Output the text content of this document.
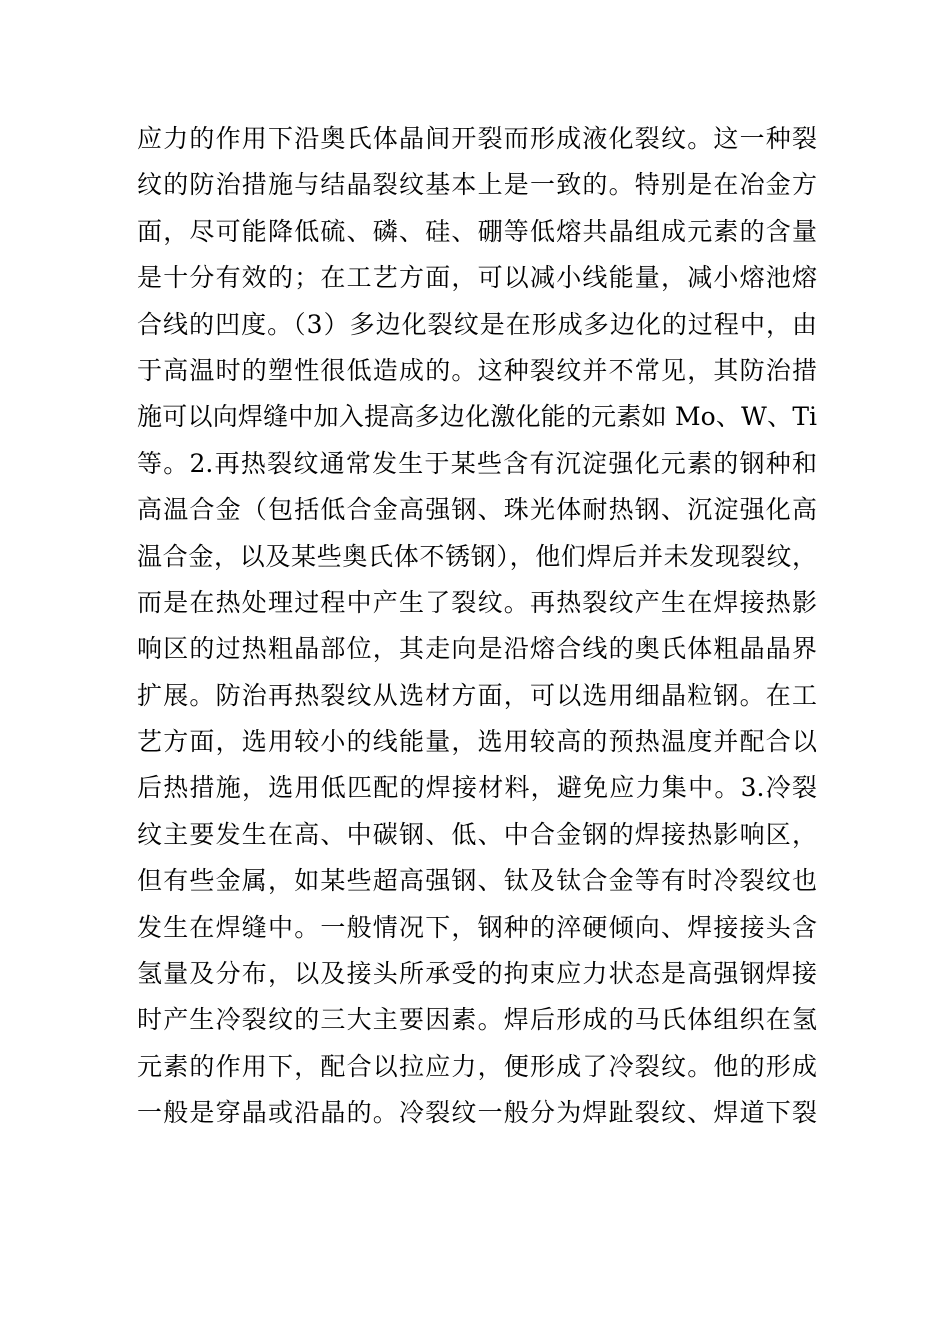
应力的作用下沿奥氏体晶间开裂而形成液化裂纹。这一种裂
纹的防治措施与结晶裂纹基本上是一致的。特别是在冶金方
面，尽可能降低硫、磷、硅、硼等低熔共晶组成元素的含量
是十分有效的；在工艺方面，可以减小线能量，减小熔池熔
合线的凹度。（3）多边化裂纹是在形成多边化的过程中，由
于高温时的塑性很低造成的。这种裂纹并不常见，其防治措
施可以向焊缝中加入提高多边化激化能的元素如 Mo、W、Ti
等。2.再热裂纹通常发生于某些含有沉淀强化元素的钢种和
高温合金（包括低合金高强钢、珠光体耐热钢、沉淀强化高
温合金，以及某些奥氏体不锈钢），他们焊后并未发现裂纹，
而是在热处理过程中产生了裂纹。再热裂纹产生在焊接热影
响区的过热粗晶部位，其走向是沿熔合线的奥氏体粗晶晶界
扩展。防治再热裂纹从选材方面，可以选用细晶粒钢。在工
艺方面，选用较小的线能量，选用较高的预热温度并配合以
后热措施，选用低匹配的焊接材料，避免应力集中。3.冷裂
纹主要发生在高、中碳钢、低、中合金钢的焊接热影响区，
但有些金属，如某些超高强钢、钛及钛合金等有时冷裂纹也
发生在焊缝中。一般情况下，钢种的淬硬倾向、焊接接头含
氢量及分布，以及接头所承受的拘束应力状态是高强钢焊接
时产生冷裂纹的三大主要因素。焊后形成的马氏体组织在氢
元素的作用下，配合以拉应力，便形成了冷裂纹。他的形成
一般是穿晶或沿晶的。冷裂纹一般分为焊趾裂纹、焊道下裂
